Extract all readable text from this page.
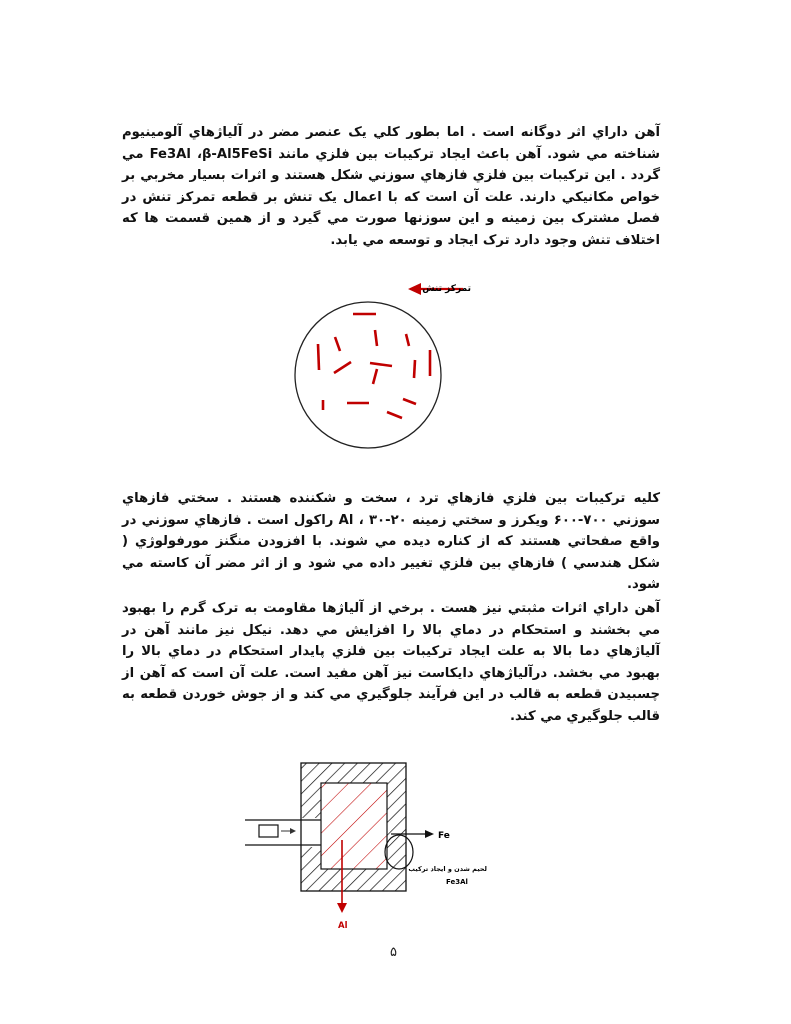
آهن داراي اثر دوگانه است . اما بطور كلي يک عنصر مضر در آلياژهاي آلومينيوم شناخته مي شود. آهن باعث ايجاد تركيبات بين فلزي مانند Fe3Al ،β-Al5FeSi مي گردد . اين تركيبات بين فلزي فازهاي سوزني شكل هستند و اثرات بسيار مخربي بر خواص مكانيكي دارند. علت آن است كه با اعمال يک تنش بر قطعه تمركز تنش در فصل مشترک بين زمينه و اين سوزنها صورت مي گيرد و از همين قسمت ها كه اختلاف تنش وجود دارد ترک ايجاد و توسعه مي يابد.
تمركز تنش
Fe
Al
لحيم شدن و ايجاد تركيب
Fe3Al
كليه تركيبات بين فلزي فازهاي ترد ، سخت و شكننده هستند . سختي فازهاي سوزني ۷۰۰-۶۰۰ ويكرز و سختي زمينه Al ، ۳۰-۲۰ راكول است . فازهاي سوزني در واقع صفحاتي هستند كه از كناره ديده مي شوند. با افزودن منگنز مورفولوژي ( شكل هندسي ) فازهاي بين فلزي تغيير داده مي شود و از اثر مضر آن كاسته مي شود.
آهن داراي اثرات مثبتي نيز هست . برخي از آلياژها مقاومت به ترک گرم را بهبود مي بخشند و استحكام در دماي بالا را افزايش مي دهد. نيكل نيز مانند آهن در آلياژهاي دما بالا به علت ايجاد تركيبات بين فلزي پايدار استحكام در دماي بالا را بهبود مي بخشد. درآلياژهاي دايكاست نيز آهن مفيد است. علت آن است كه آهن از چسبيدن قطعه به قالب در اين فرآيند جلوگيري مي كند و از جوش خوردن قطعه به قالب جلوگيري مي كند.
۵
